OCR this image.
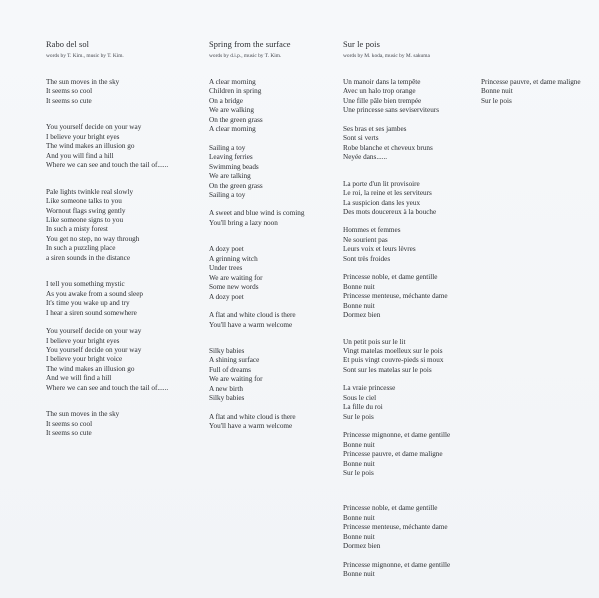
Rabo del sol

words by T. Kim., music by T. Kim.

The sun moves in the sky
It seems so cool
It seems so cute
You yourself decide on your way
I believe your bright eyes
The wind makes an illusion go
And you will find a hill
Where we can see and touch the tail of......
Pale lights twinkle real slowly
Like someone talks to you
Wornout flags swing gently
Like someone signs to you
In such a misty forest
You get no step, no way through
In such a puzzling place
a siren sounds in the distance
I tell you something mystic
As you awake from a sound sleep
It's time you wake up and try
I hear a siren sound somewhere
You yourself decide on your way
I believe your bright eyes
You yourself decide on your way
I believe your bright voice
The wind makes an illusion go
And we will find a hill
Where we can see and touch the tail of......
The sun moves in the sky
It seems so cool
It seems so cute

Spring from the surface

words by d.i.p., music by T. Kim.

A clear morning
Children in spring
On a bridge
We are walking
On the green grass
A clear morning
Sailing a toy
Leaving ferries
Swimming beads
We are talking
On the green grass
Sailing a toy
A sweet and blue wind is coming
You'll bring a lazy noon
A dozy poet
A grinning witch
Under trees
We are waiting for
Some new words
A dozy poet
A flat and white cloud is there
You'll have a warm welcome
Silky babies
A shining surface
Full of dreams
We are waiting for
A new birth
Silky babies
A flat and white cloud is there
You'll have a warm welcome

Sur le pois

words by M. koda, music by M. sakuma

Un manoir dans la tempête
Avec un halo trop orange
Une fille pâle bien trempée
Une princesse sans seviserviteurs
Ses bras et ses jambes
Sont si verts
Robe blanche et cheveux bruns
Neyée dans......
La porte d'un lit provisoire
Le roi, la reine et les serviteurs
La suspicion dans les yeux
Des mots doucereux à la bouche
Hommes et femmes
Ne sourient pas
Leurs voix et leurs lèvres
Sont très froides
Princesse noble, et dame gentille
Bonne nuit
Princesse menteuse, méchante dame
Bonne nuit
Dormez bien
Un petit pois sur le lit
Vingt matelas moelleux sur le pois
Et puis vingt couvre-pieds si moux
Sont sur les matelas sur le pois
La vraie princesse
Sous le ciel
La fille du roi
Sur le pois
Princesse mignonne, et dame gentille
Bonne nuit
Princesse pauvre, et dame maligne
Bonne nuit
Sur le pois
Princesse noble, et dame gentille
Bonne nuit
Princesse menteuse, méchante dame
Bonne nuit
Dormez bien
Princesse mignonne, et dame gentille
Bonne nuit
Princesse pauvre, et dame maligne
Bonne nuit
Sur le pois
